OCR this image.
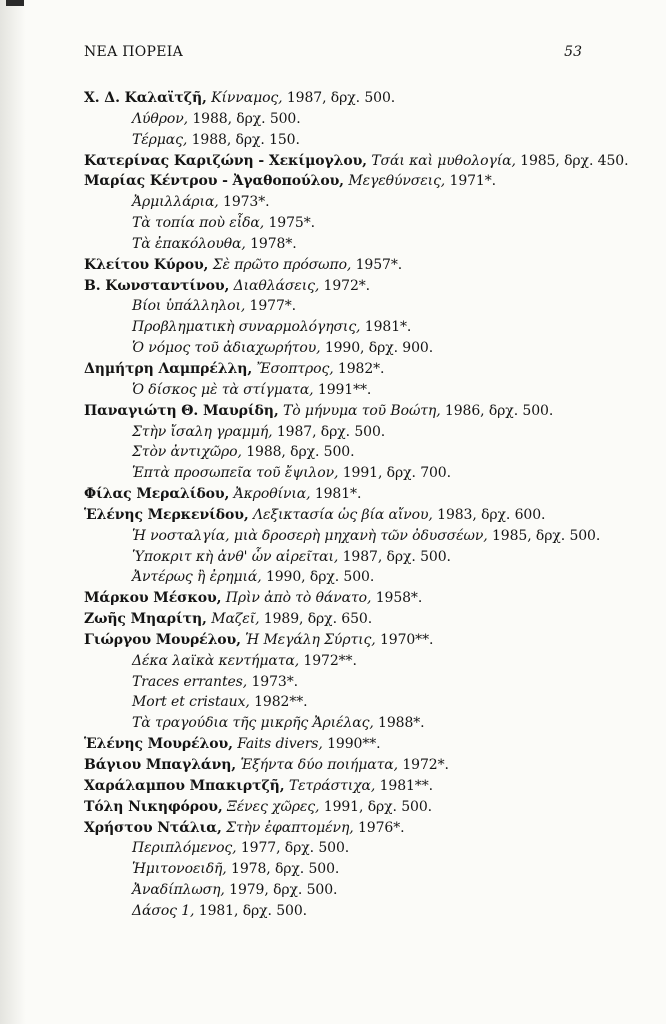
ΝΕΑ ΠΟΡΕΙΑ	53
Χ. Δ. Καλαϊτζῆ, Κίνναμος, 1987, δρχ. 500.
Λύθρον, 1988, δρχ. 500.
Τέρμας, 1988, δρχ. 150.
Κατερίνας Καριζώνη - Χεκίμογλου, Τσάι καὶ μυθολογία, 1985, δρχ. 450.
Μαρίας Κέντρου - Ἀγαθοπούλου, Μεγεθύνσεις, 1971*.
Ἀρμιλλάρια, 1973*.
Τὰ τοπία ποὺ εἶδα, 1975*.
Τὰ ἐπακόλουθα, 1978*.
Κλείτου Κύρου, Σὲ πρῶτο πρόσωπο, 1957*.
Β. Κωνσταντίνου, Διαθλάσεις, 1972*.
Βίοι ὑπάλληλοι, 1977*.
Προβληματικὴ συναρμολόγησις, 1981*.
Ὁ νόμος τοῦ ἀδιαχωρήτου, 1990, δρχ. 900.
Δημήτρη Λαμπρέλλη, Ἔσοπτρος, 1982*.
Ὁ δίσκος μὲ τὰ στίγματα, 1991**.
Παναγιώτη Θ. Μαυρίδη, Τὸ μήνυμα τοῦ Βοώτη, 1986, δρχ. 500.
Στὴν ἴσαλη γραμμή, 1987, δρχ. 500.
Στὸν ἀντιχῶρο, 1988, δρχ. 500.
Ἑπτὰ προσωπεῖα τοῦ ἔψιλον, 1991, δρχ. 700.
Φίλας Μεραλίδου, Ἀκροθίνια, 1981*.
Ἑλένης Μερκενίδου, Λεξικτασία ὡς βία αἴνου, 1983, δρχ. 600.
Ἡ νοσταλγία, μιὰ δροσερὴ μηχανὴ τῶν ὀδυσσέων, 1985, δρχ. 500.
Ὑποκριτ κὴ ἀνθ' ὧν αἱρεῖται, 1987, δρχ. 500.
Ἀντέρως ἢ ἐρημιά, 1990, δρχ. 500.
Μάρκου Μέσκου, Πρὶν ἀπὸ τὸ θάνατο, 1958*.
Ζωῆς Μηαρίτη, Μαζεῖ, 1989, δρχ. 650.
Γιώργου Μουρέλου, Ἡ Μεγάλη Σύρτις, 1970**.
Δέκα λαϊκὰ κεντήματα, 1972**.
Traces errantes, 1973*.
Mort et cristaux, 1982**.
Τὰ τραγούδια τῆς μικρῆς Ἀριέλας, 1988*.
Ἑλένης Μουρέλου, Faits divers, 1990**.
Βάγιου Μπαγλάνη, Ἑξήντα δύο ποιήματα, 1972*.
Χαράλαμπου Μπακιρτζῆ, Τετράστιχα, 1981**.
Τόλη Νικηφόρου, Ξένες χῶρες, 1991, δρχ. 500.
Χρήστου Ντάλια, Στὴν ἐφαπτομένη, 1976*.
Περιπλόμενος, 1977, δρχ. 500.
Ἡμιτονοειδῆ, 1978, δρχ. 500.
Ἀναδίπλωση, 1979, δρχ. 500.
Δάσος 1, 1981, δρχ. 500.
